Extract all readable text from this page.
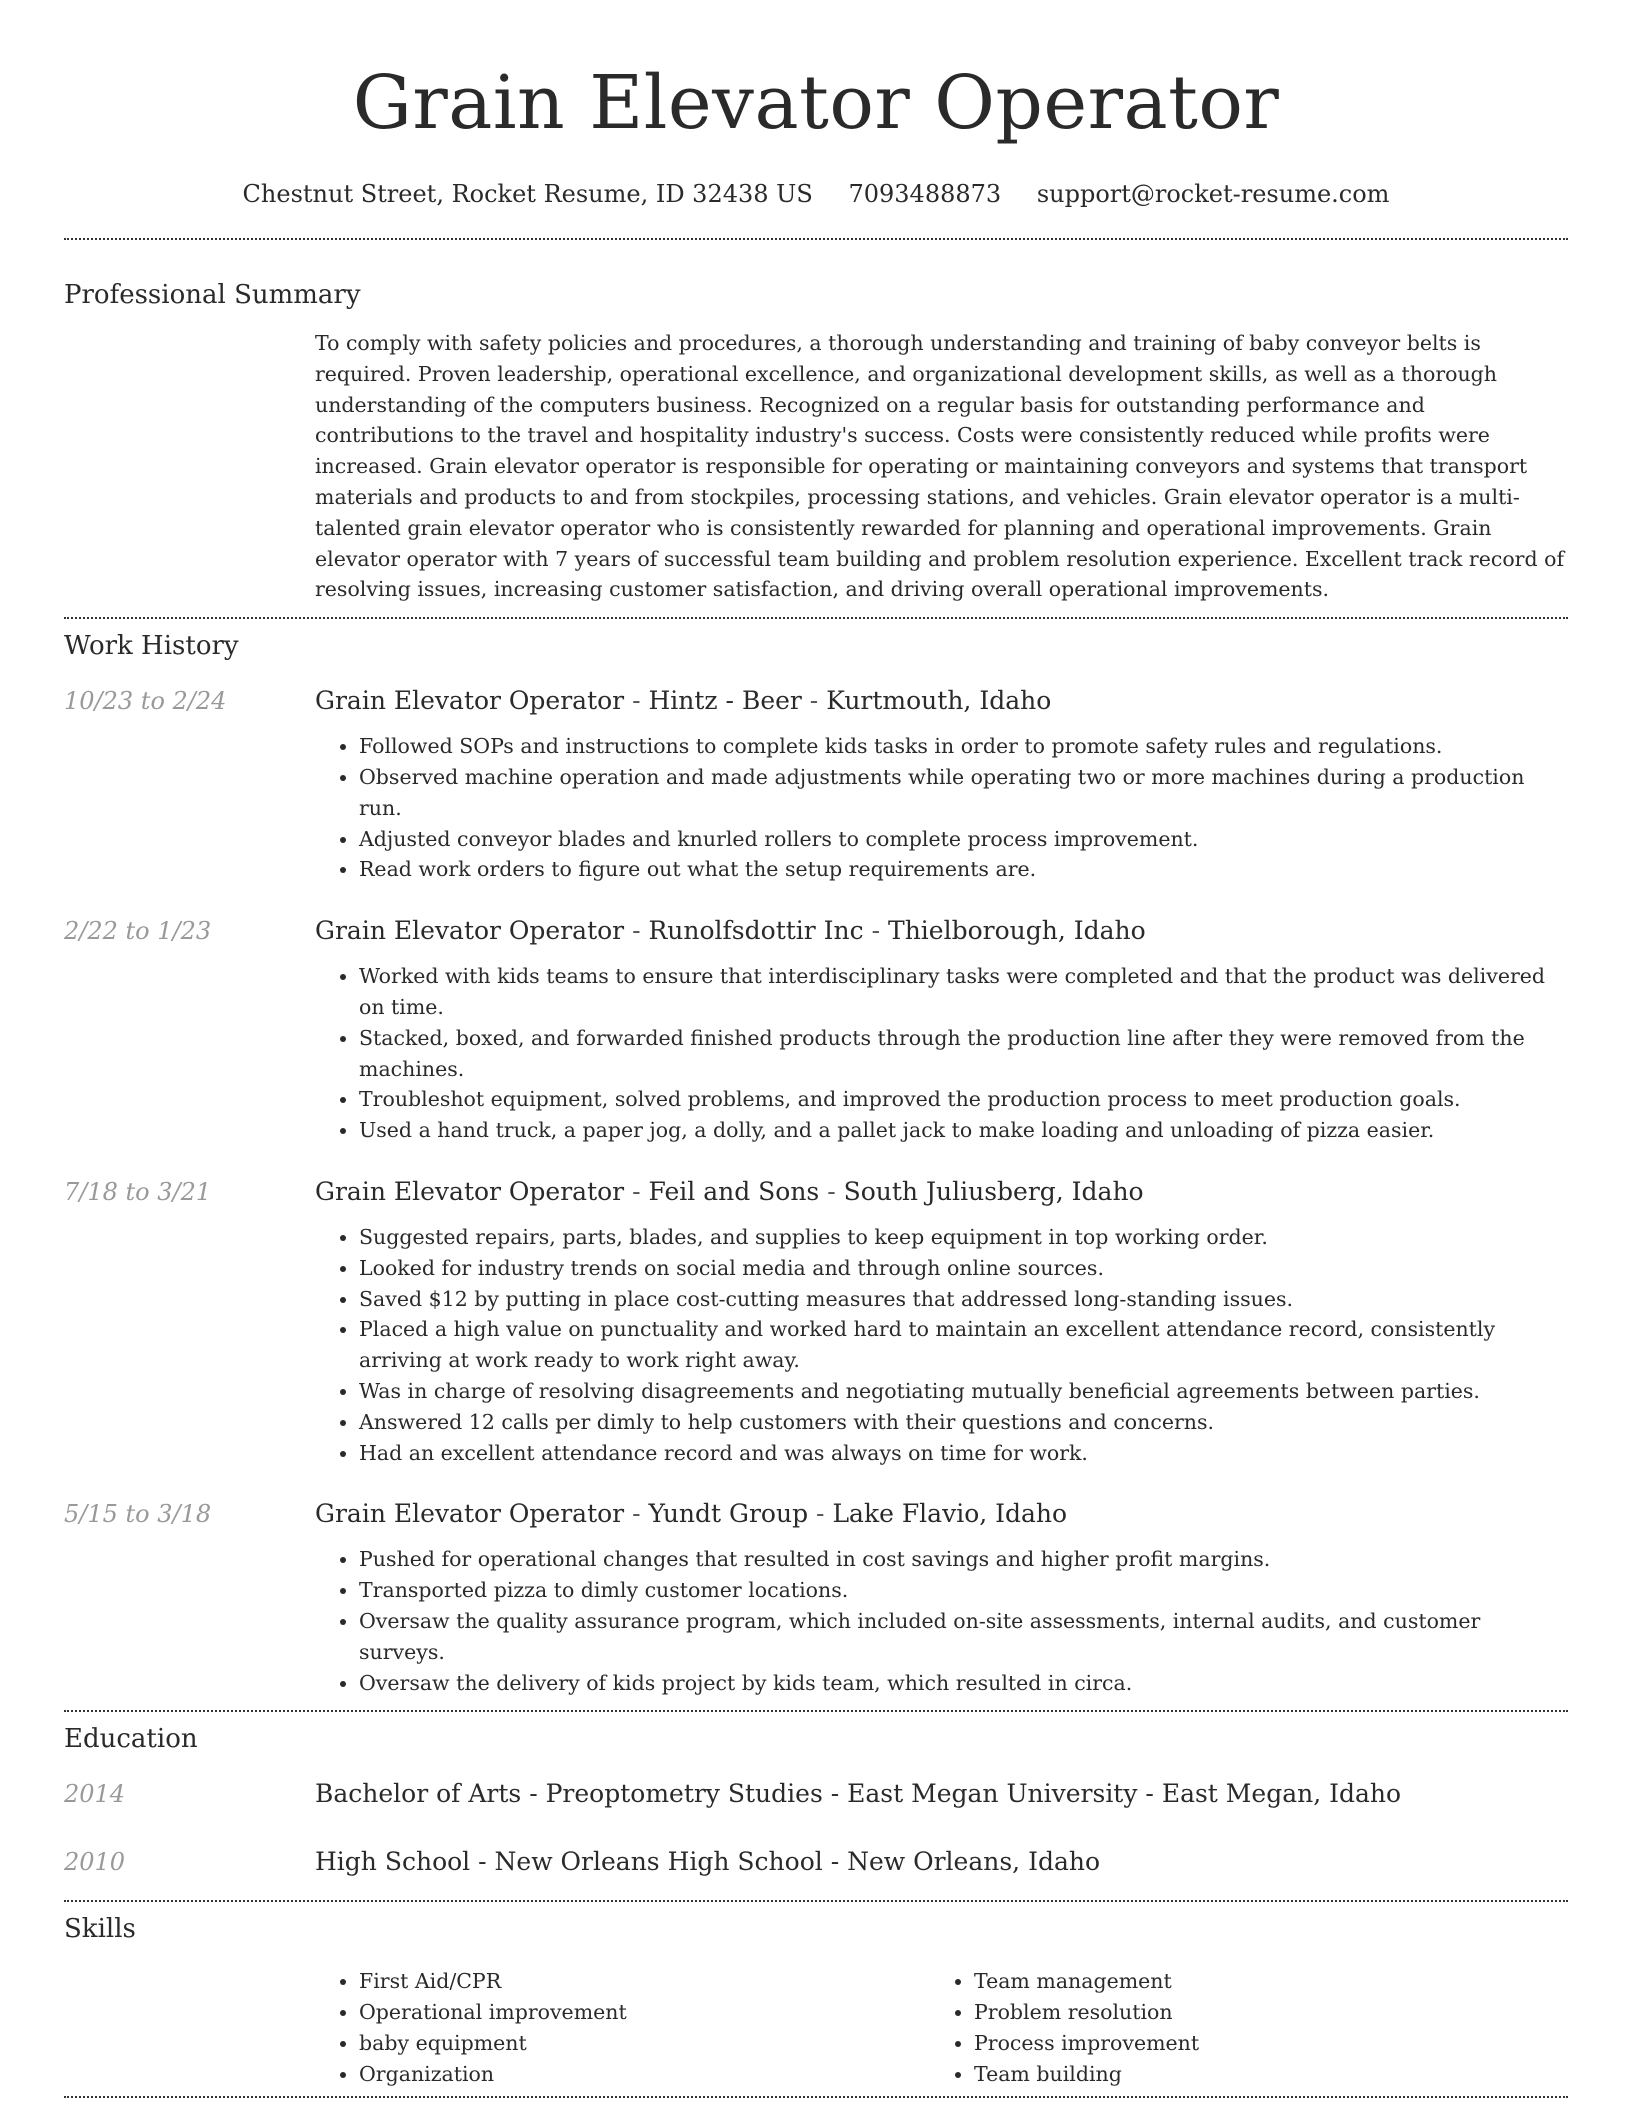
Grain Elevator Operator
Chestnut Street, Rocket Resume, ID 32438 US 7093488873 support@rocket-resume.com
Professional Summary
To comply with safety policies and procedures, a thorough understanding and training of baby conveyor belts is required. Proven leadership, operational excellence, and organizational development skills, as well as a thorough understanding of the computers business. Recognized on a regular basis for outstanding performance and contributions to the travel and hospitality industry's success. Costs were consistently reduced while profits were increased. Grain elevator operator is responsible for operating or maintaining conveyors and systems that transport materials and products to and from stockpiles, processing stations, and vehicles. Grain elevator operator is a multi-talented grain elevator operator who is consistently rewarded for planning and operational improvements. Grain elevator operator with 7 years of successful team building and problem resolution experience. Excellent track record of resolving issues, increasing customer satisfaction, and driving overall operational improvements.
Work History
10/23 to 2/24	Grain Elevator Operator - Hintz - Beer - Kurtmouth, Idaho
• Followed SOPs and instructions to complete kids tasks in order to promote safety rules and regulations.
• Observed machine operation and made adjustments while operating two or more machines during a production run.
• Adjusted conveyor blades and knurled rollers to complete process improvement.
• Read work orders to figure out what the setup requirements are.
2/22 to 1/23	Grain Elevator Operator - Runolfsdottir Inc - Thielborough, Idaho
• Worked with kids teams to ensure that interdisciplinary tasks were completed and that the product was delivered on time.
• Stacked, boxed, and forwarded finished products through the production line after they were removed from the machines.
• Troubleshot equipment, solved problems, and improved the production process to meet production goals.
• Used a hand truck, a paper jog, a dolly, and a pallet jack to make loading and unloading of pizza easier.
7/18 to 3/21	Grain Elevator Operator - Feil and Sons - South Juliusberg, Idaho
• Suggested repairs, parts, blades, and supplies to keep equipment in top working order.
• Looked for industry trends on social media and through online sources.
• Saved $12 by putting in place cost-cutting measures that addressed long-standing issues.
• Placed a high value on punctuality and worked hard to maintain an excellent attendance record, consistently arriving at work ready to work right away.
• Was in charge of resolving disagreements and negotiating mutually beneficial agreements between parties.
• Answered 12 calls per dimly to help customers with their questions and concerns.
• Had an excellent attendance record and was always on time for work.
5/15 to 3/18	Grain Elevator Operator - Yundt Group - Lake Flavio, Idaho
• Pushed for operational changes that resulted in cost savings and higher profit margins.
• Transported pizza to dimly customer locations.
• Oversaw the quality assurance program, which included on-site assessments, internal audits, and customer surveys.
• Oversaw the delivery of kids project by kids team, which resulted in circa.
Education
2014	Bachelor of Arts - Preoptometry Studies - East Megan University - East Megan, Idaho
2010	High School - New Orleans High School - New Orleans, Idaho
Skills
• First Aid/CPR
• Operational improvement
• baby equipment
• Organization
• Team management
• Problem resolution
• Process improvement
• Team building
